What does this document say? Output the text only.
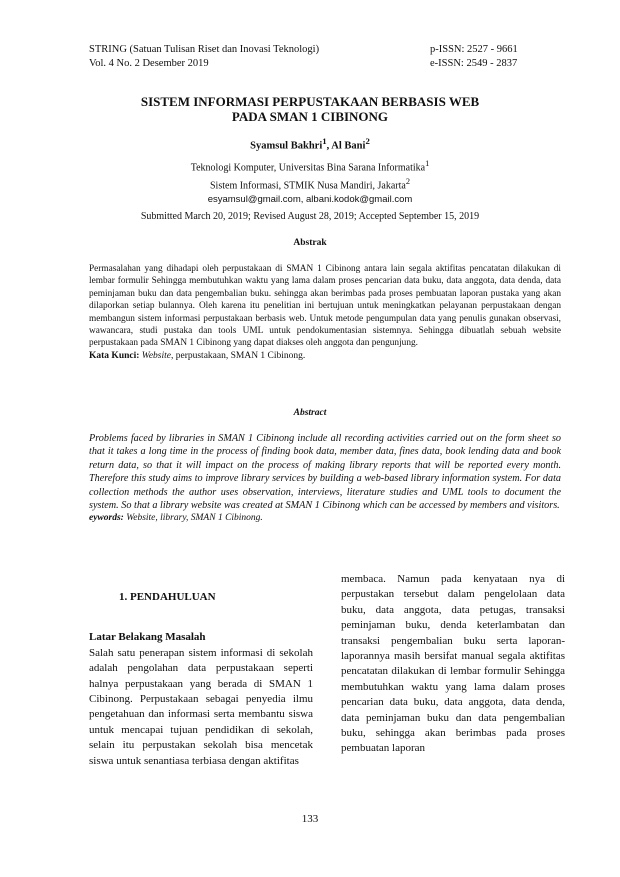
STRING (Satuan Tulisan Riset dan Inovasi Teknologi)
Vol. 4 No. 2 Desember 2019
p-ISSN: 2527 - 9661
e-ISSN: 2549 - 2837
SISTEM INFORMASI PERPUSTAKAAN BERBASIS WEB
PADA SMAN 1 CIBINONG
Syamsul Bakhri$^1$, Al Bani$^2$
Teknologi Komputer, Universitas Bina Sarana Informatika$^1$
Sistem Informasi, STMIK Nusa Mandiri, Jakarta$^2$
esyamsul@gmail.com, albani.kodok@gmail.com
Submitted March 20, 2019; Revised August 28, 2019; Accepted September 15, 2019
Abstrak

Permasalahan yang dihadapi oleh perpustakaan di SMAN 1 Cibinong antara lain segala aktifitas pencatatan dilakukan di lembar formulir Sehingga membutuhkan waktu yang lama dalam proses pencarian data buku, data anggota, data denda, data peminjaman buku dan data pengembalian buku. sehingga akan berimbas pada proses pembuatan laporan pustaka yang akan dilaporkan setiap bulannya. Oleh karena itu penelitian ini bertujuan untuk meningkatkan pelayanan perpustakaan dengan membangun sistem informasi perpustakaan berbasis web. Untuk metode pengumpulan data yang penulis gunakan observasi, wawancara, studi pustaka dan tools UML untuk pendokumentasian sistemnya. Sehingga dibuatlah sebuah website perpustakaan pada SMAN 1 Cibinong yang dapat diakses oleh anggota dan pengunjung.

Kata Kunci: Website, perpustakaan, SMAN 1 Cibinong.

Abstract

Problems faced by libraries in SMAN 1 Cibinong include all recording activities carried out on the form sheet so that it takes a long time in the process of finding book data, member data, fines data, book lending data and book return data, so that it will impact on the process of making library reports that will be reported every month. Therefore this study aims to improve library services by building a web-based library information system. For data collection methods the author uses observation, interviews, literature studies and UML tools to document the system. So that a library website was created at SMAN 1 Cibinong which can be accessed by members and visitors.

eywords: Website, library, SMAN 1 Cibinong.

1. PENDAHULUAN
Latar Belakang Masalah

Salah satu penerapan sistem informasi di sekolah adalah pengolahan data perpustakaan seperti halnya perpustakaan yang berada di SMAN 1 Cibinong. Perpustakaan sebagai penyedia ilmu pengetahuan dan informasi serta membantu siswa untuk mencapai tujuan pendidikan di sekolah, selain itu perpustakan sekolah bisa mencetak siswa untuk senantiasa terbiasa dengan aktifitas

membaca. Namun pada kenyataan nya di perpustakan tersebut dalam pengelolaan data buku, data anggota, data petugas, transaksi peminjaman buku, denda keterlambatan dan transaksi pengembalian buku serta laporan-laporannya masih bersifat manual segala aktifitas pencatatan dilakukan di lembar formulir Sehingga membutuhkan waktu yang lama dalam proses pencarian data buku, data anggota, data denda, data peminjaman buku dan data pengembalian buku, sehingga akan berimbas pada proses pembuatan laporan

133
